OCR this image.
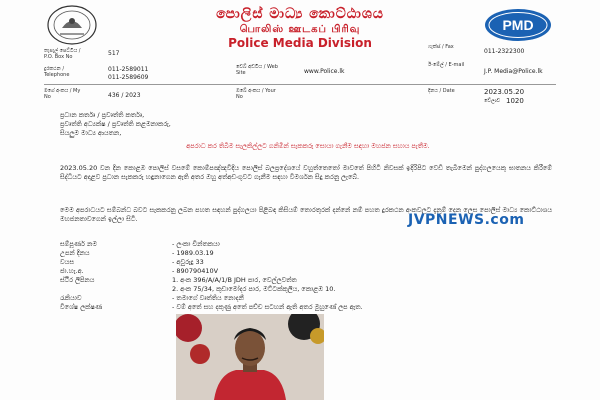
පොලිස් මාධ්‍ය කොට්ඨාශය
பொலிஸ் ஊடகப் பிரிவு
Police Media Division
PMD
තැපැල් පෙට්ටිය / P.O. Box No	517
දුරකථන / Telephone
011-2589011
011-2589609
වෙබ් අඩවිය / Web Site	www.Police.lk
ෆැක්ස් / Fax
011-2322300
ඊ-මේල් / E-mail
J.P. Media@Police.lk
මගේ අංකය / My No	436 / 2023
ඔබේ අංකය / Your No
දිනය / Date	2023.05.20
වේලාව 1020
ප්‍රධාන කර්තෘ / ප්‍රවෘත්ති කර්තෘ,
ප්‍රවෘත්ති අධ්‍යක්ෂ / ප්‍රවෘත්ති කළමනාකරු,
සියලුම මාධ්‍ය ආයතන,
අපරාධ කර තිබීම සැලකිල්ලට ගනිමින් සැකකරු සොයා ගැනීම සඳහා මහජන සහාය පැතීම.
2023.05.20 වන දින කොළඹ පොලිස් වසමේ කොම්පඤ්ඤවීදිය පොලිස් බලප්‍රදේශයේ වහුත්තෙතෝ මාවතේ පිහිටි නිවසක් ඉදිරිපිට වෙඩි තැබීමෙන් පුද්ගලයෙකු ඝාතනය කිරීමේ සිද්ධියට අදාළව ප්‍රධාන සැකකරු හඳුනාගෙන ඇති අතර ඔහු අත්අඩංගුවට ගැනීම සඳහා විමර්ශන සිදු කරනු ලැබේ.
මෙම අපරාධයට සම්බන්ධ බවට සැකකරනු ලබන පහත සඳහන් පුද්ගලයා පිළිබඳ කිසියම් තොරතුරක් දන්නේ නම් පහත දුරකථන අංකවලට දැනුම් දෙන ලෙස පොලිස් මාධ්‍ය කොට්ඨාශය මහජනතාවගෙන් ඉල්ලා සිටී.	JVPNEWS.com
සම්පූර්ණ නම	- ලංකා චින්තකයා
උපන් දිනය	- 1989.03.19
වයස	- අවුරුදු 33
ජා.හැ.අ.	- 890790410V
ස්ථිර ලිපිනය	1. අංක 396/A/A/1/B JDH පාර, වෙල්ලවත්ත
2. අංක 75/34, කුඩාමෝදර පාර, මට්ටක්කුලිය, කොළඹ 10.
රැකියාව	- තමාගේ වෘත්තිය නොදනී
විශේෂ ලක්ෂණ	- වම් අතේ සහ දකුණු අතේ පච්ච සටහන් ඇති අතර මුහුණේ ලප ඇත.
